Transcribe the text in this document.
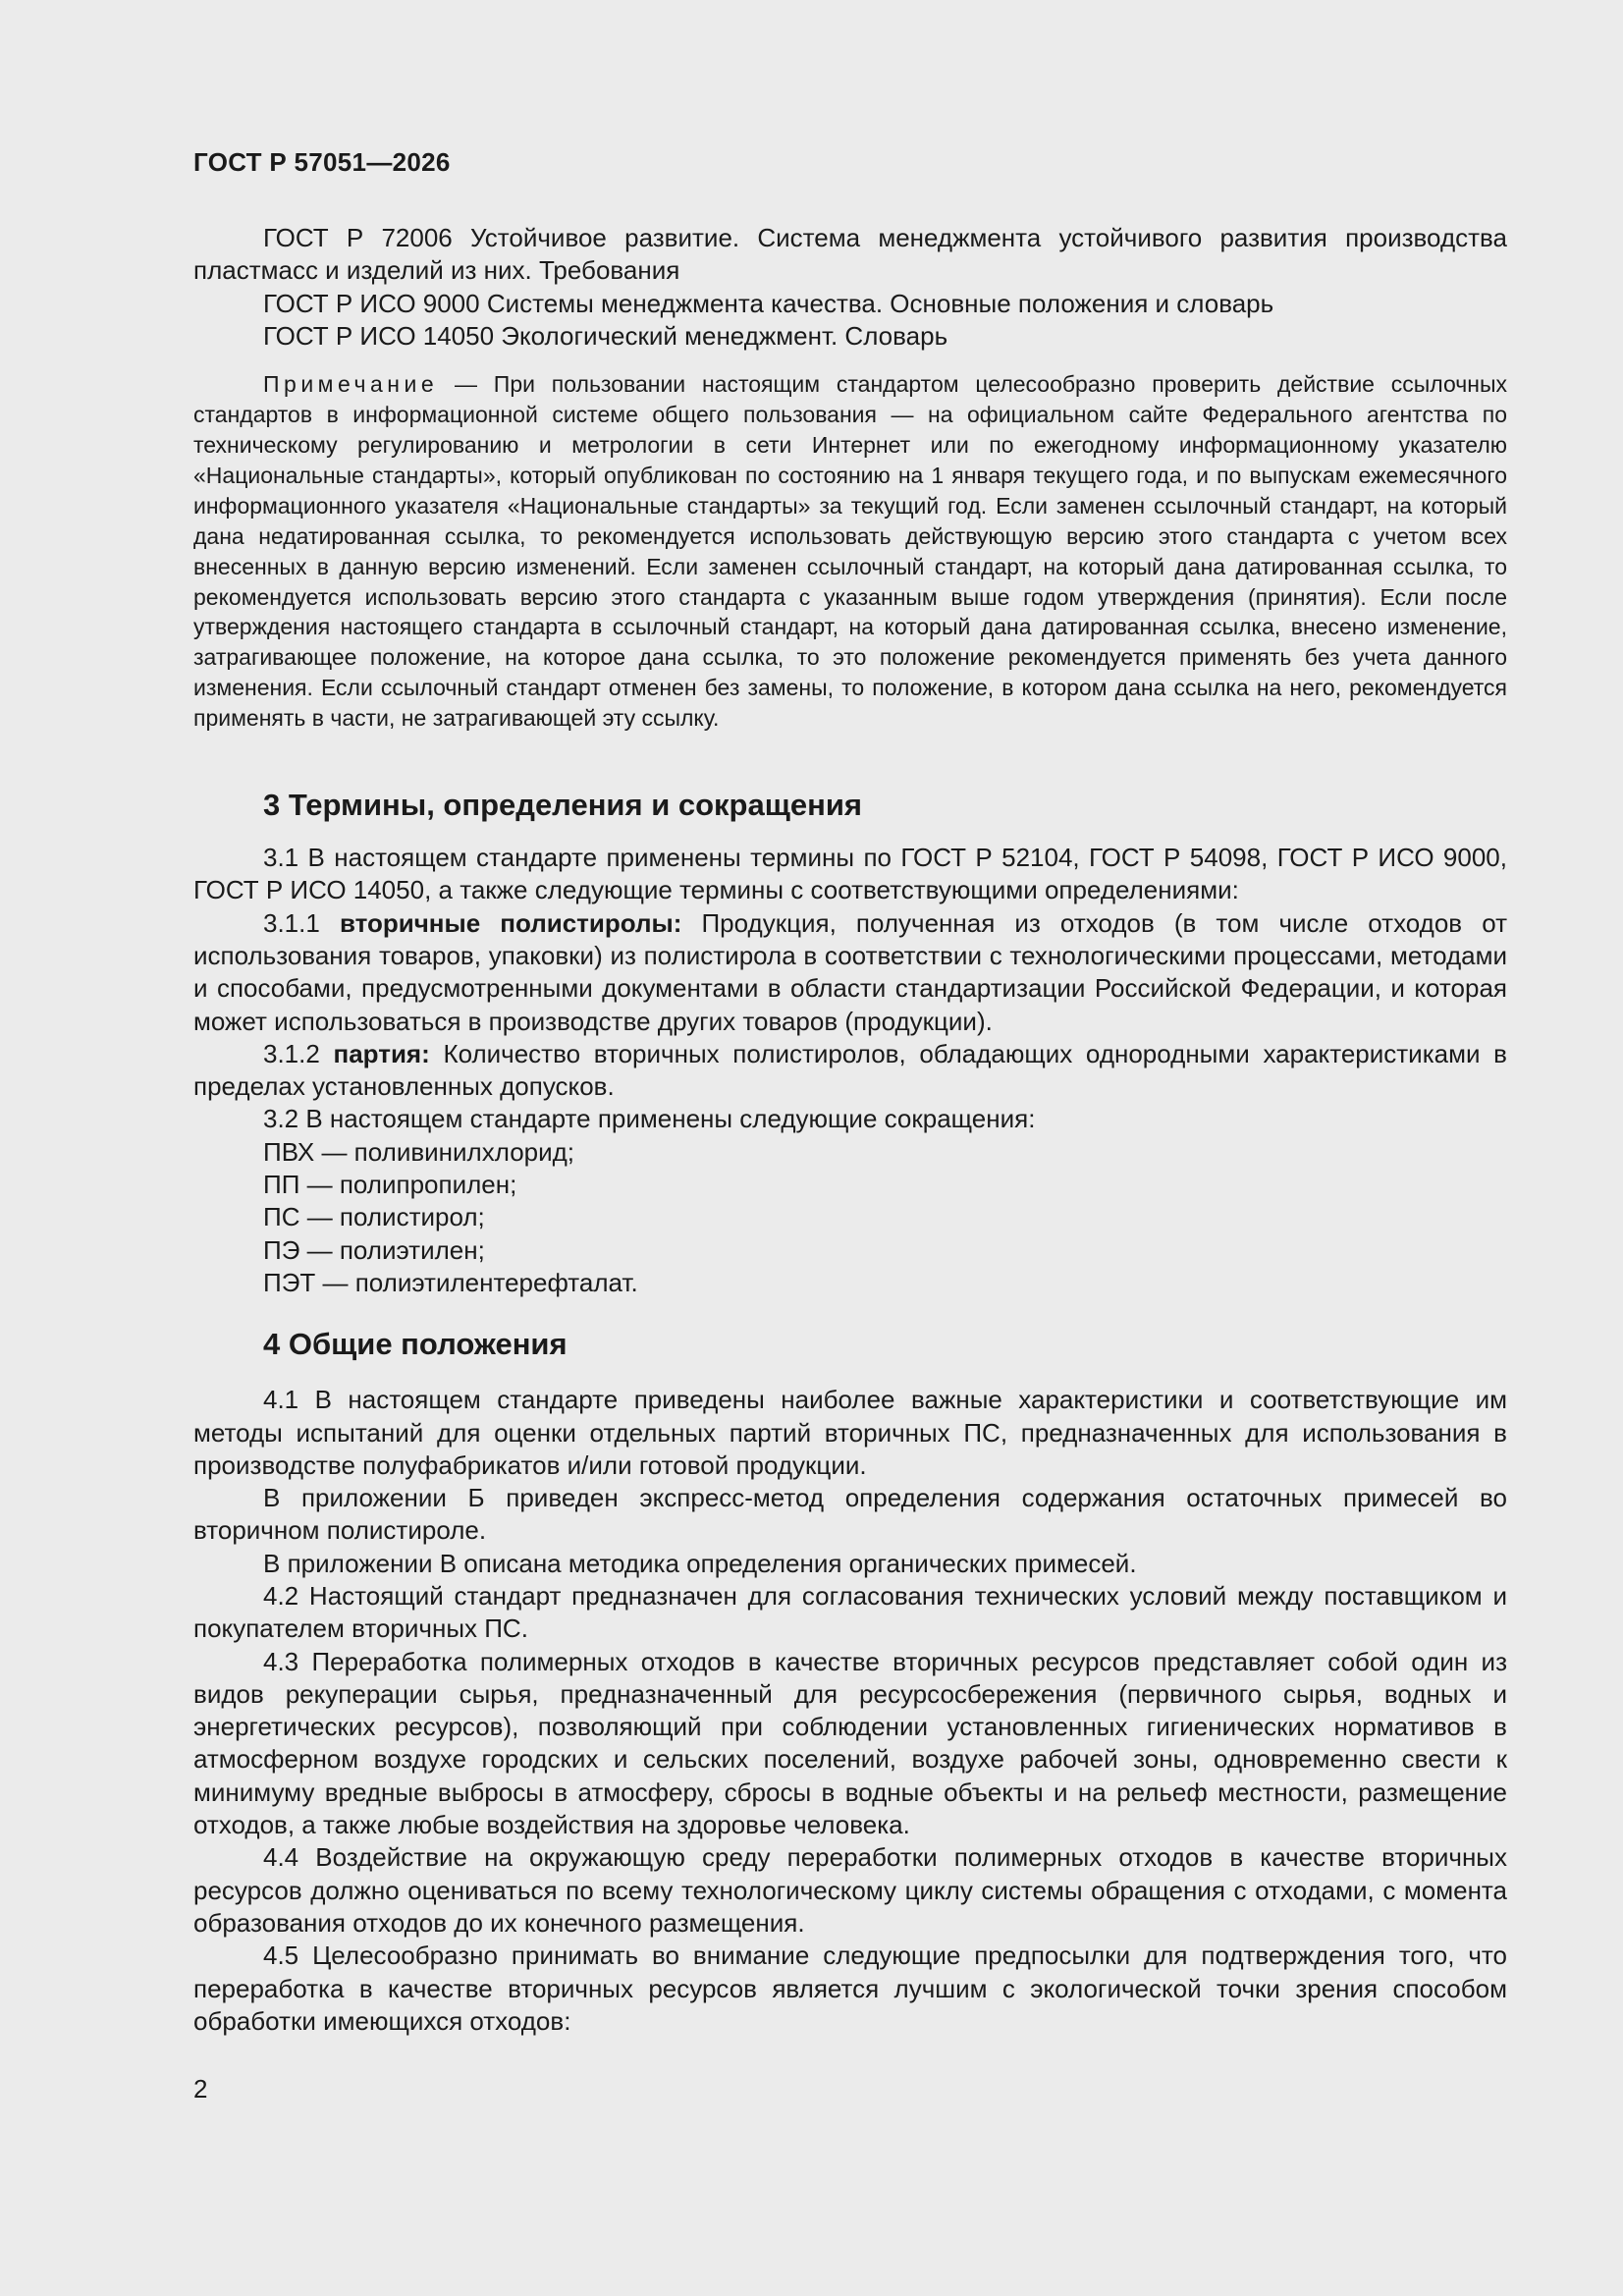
ГОСТ Р 57051—2026

ГОСТ Р 72006 Устойчивое развитие. Система менеджмента устойчивого развития производства пластмасс и изделий из них. Требования

ГОСТ Р ИСО 9000 Системы менеджмента качества. Основные положения и словарь

ГОСТ Р ИСО 14050 Экологический менеджмент. Словарь

Примечание — При пользовании настоящим стандартом целесообразно проверить действие ссылочных стандартов в информационной системе общего пользования — на официальном сайте Федерального агентства по техническому регулированию и метрологии в сети Интернет или по ежегодному информационному указателю «Национальные стандарты», который опубликован по состоянию на 1 января текущего года, и по выпускам ежемесячного информационного указателя «Национальные стандарты» за текущий год. Если заменен ссылочный стандарт, на который дана недатированная ссылка, то рекомендуется использовать действующую версию этого стандарта с учетом всех внесенных в данную версию изменений. Если заменен ссылочный стандарт, на который дана датированная ссылка, то рекомендуется использовать версию этого стандарта с указанным выше годом утверждения (принятия). Если после утверждения настоящего стандарта в ссылочный стандарт, на который дана датированная ссылка, внесено изменение, затрагивающее положение, на которое дана ссылка, то это положение рекомендуется применять без учета данного изменения. Если ссылочный стандарт отменен без замены, то положение, в котором дана ссылка на него, рекомендуется применять в части, не затрагивающей эту ссылку.

3 Термины, определения и сокращения

3.1 В настоящем стандарте применены термины по ГОСТ Р 52104, ГОСТ Р 54098, ГОСТ Р ИСО 9000, ГОСТ Р ИСО 14050, а также следующие термины с соответствующими определениями:

3.1.1 вторичные полистиролы: Продукция, полученная из отходов (в том числе отходов от использования товаров, упаковки) из полистирола в соответствии с технологическими процессами, методами и способами, предусмотренными документами в области стандартизации Российской Федерации, и которая может использоваться в производстве других товаров (продукции).

3.1.2 партия: Количество вторичных полистиролов, обладающих однородными характеристиками в пределах установленных допусков.

3.2 В настоящем стандарте применены следующие сокращения:

ПВХ — поливинилхлорид;

ПП — полипропилен;

ПС — полистирол;

ПЭ — полиэтилен;

ПЭТ — полиэтилентерефталат.

4 Общие положения

4.1 В настоящем стандарте приведены наиболее важные характеристики и соответствующие им методы испытаний для оценки отдельных партий вторичных ПС, предназначенных для использования в производстве полуфабрикатов и/или готовой продукции.

В приложении Б приведен экспресс-метод определения содержания остаточных примесей во вторичном полистироле.

В приложении В описана методика определения органических примесей.

4.2 Настоящий стандарт предназначен для согласования технических условий между поставщиком и покупателем вторичных ПС.

4.3 Переработка полимерных отходов в качестве вторичных ресурсов представляет собой один из видов рекуперации сырья, предназначенный для ресурсосбережения (первичного сырья, водных и энергетических ресурсов), позволяющий при соблюдении установленных гигиенических нормативов в атмосферном воздухе городских и сельских поселений, воздухе рабочей зоны, одновременно свести к минимуму вредные выбросы в атмосферу, сбросы в водные объекты и на рельеф местности, размещение отходов, а также любые воздействия на здоровье человека.

4.4 Воздействие на окружающую среду переработки полимерных отходов в качестве вторичных ресурсов должно оцениваться по всему технологическому циклу системы обращения с отходами, с момента образования отходов до их конечного размещения.

4.5 Целесообразно принимать во внимание следующие предпосылки для подтверждения того, что переработка в качестве вторичных ресурсов является лучшим с экологической точки зрения способом обработки имеющихся отходов:

2
